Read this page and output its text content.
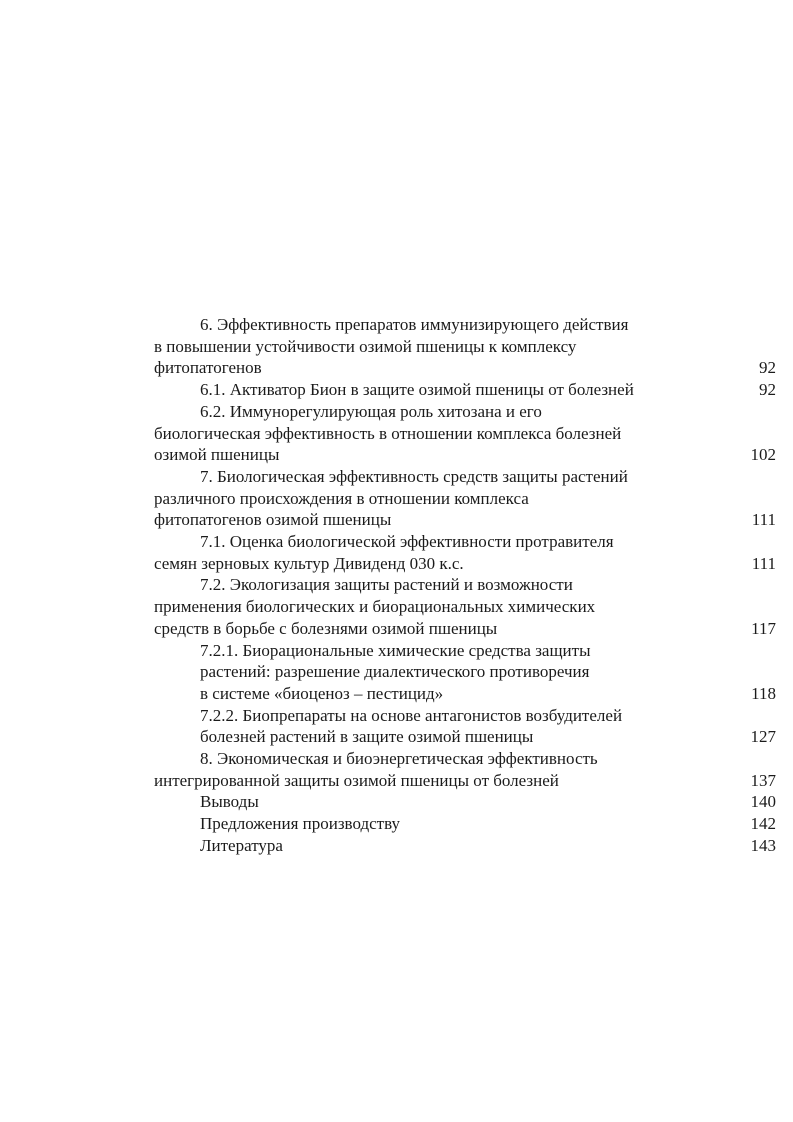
6. Эффективность препаратов иммунизирующего действия
в повышении устойчивости озимой пшеницы к комплексу
фитопатогенов	92
6.1. Активатор Бион в защите озимой пшеницы от болезней	92
6.2. Иммунорегулирующая роль хитозана и его
биологическая эффективность в отношении комплекса болезней
озимой пшеницы	102
7. Биологическая эффективность средств защиты растений
различного происхождения в отношении комплекса
фитопатогенов озимой пшеницы	111
7.1. Оценка биологической эффективности протравителя
семян зерновых культур Дивиденд 030 к.с.	111
7.2. Экологизация защиты растений и возможности
применения биологических и биорациональных химических
средств в борьбе с болезнями озимой пшеницы	117
7.2.1. Биорациональные химические средства защиты
растений: разрешение диалектического противоречия
в системе «биоценоз – пестицид»	118
7.2.2. Биопрепараты на основе антагонистов возбудителей
болезней растений в защите озимой пшеницы	127
8. Экономическая и биоэнергетическая эффективность
интегрированной защиты озимой пшеницы от болезней	137
Выводы	140
Предложения производству	142
Литература	143
